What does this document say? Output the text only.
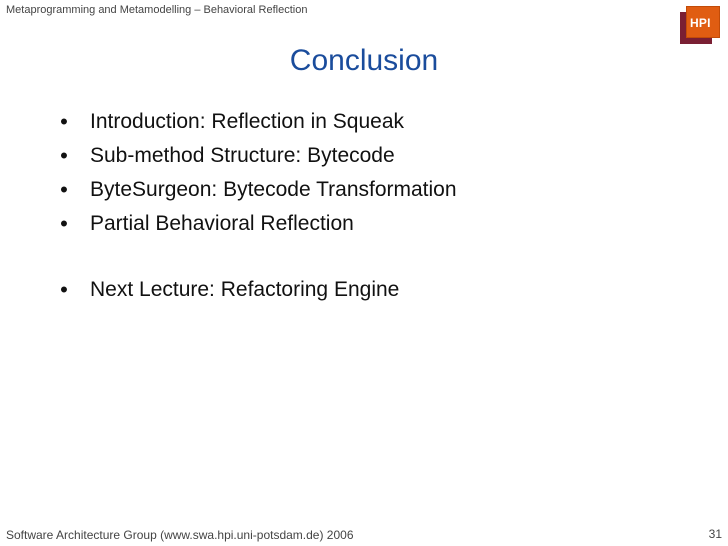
Metaprogramming and Metamodelling – Behavioral Reflection
HPI
Conclusion
• Introduction: Reflection in Squeak
• Sub-method Structure: Bytecode
• ByteSurgeon: Bytecode Transformation
• Partial Behavioral Reflection
• Next Lecture: Refactoring Engine
Software Architecture Group (www.swa.hpi.uni-potsdam.de) 2006	31
